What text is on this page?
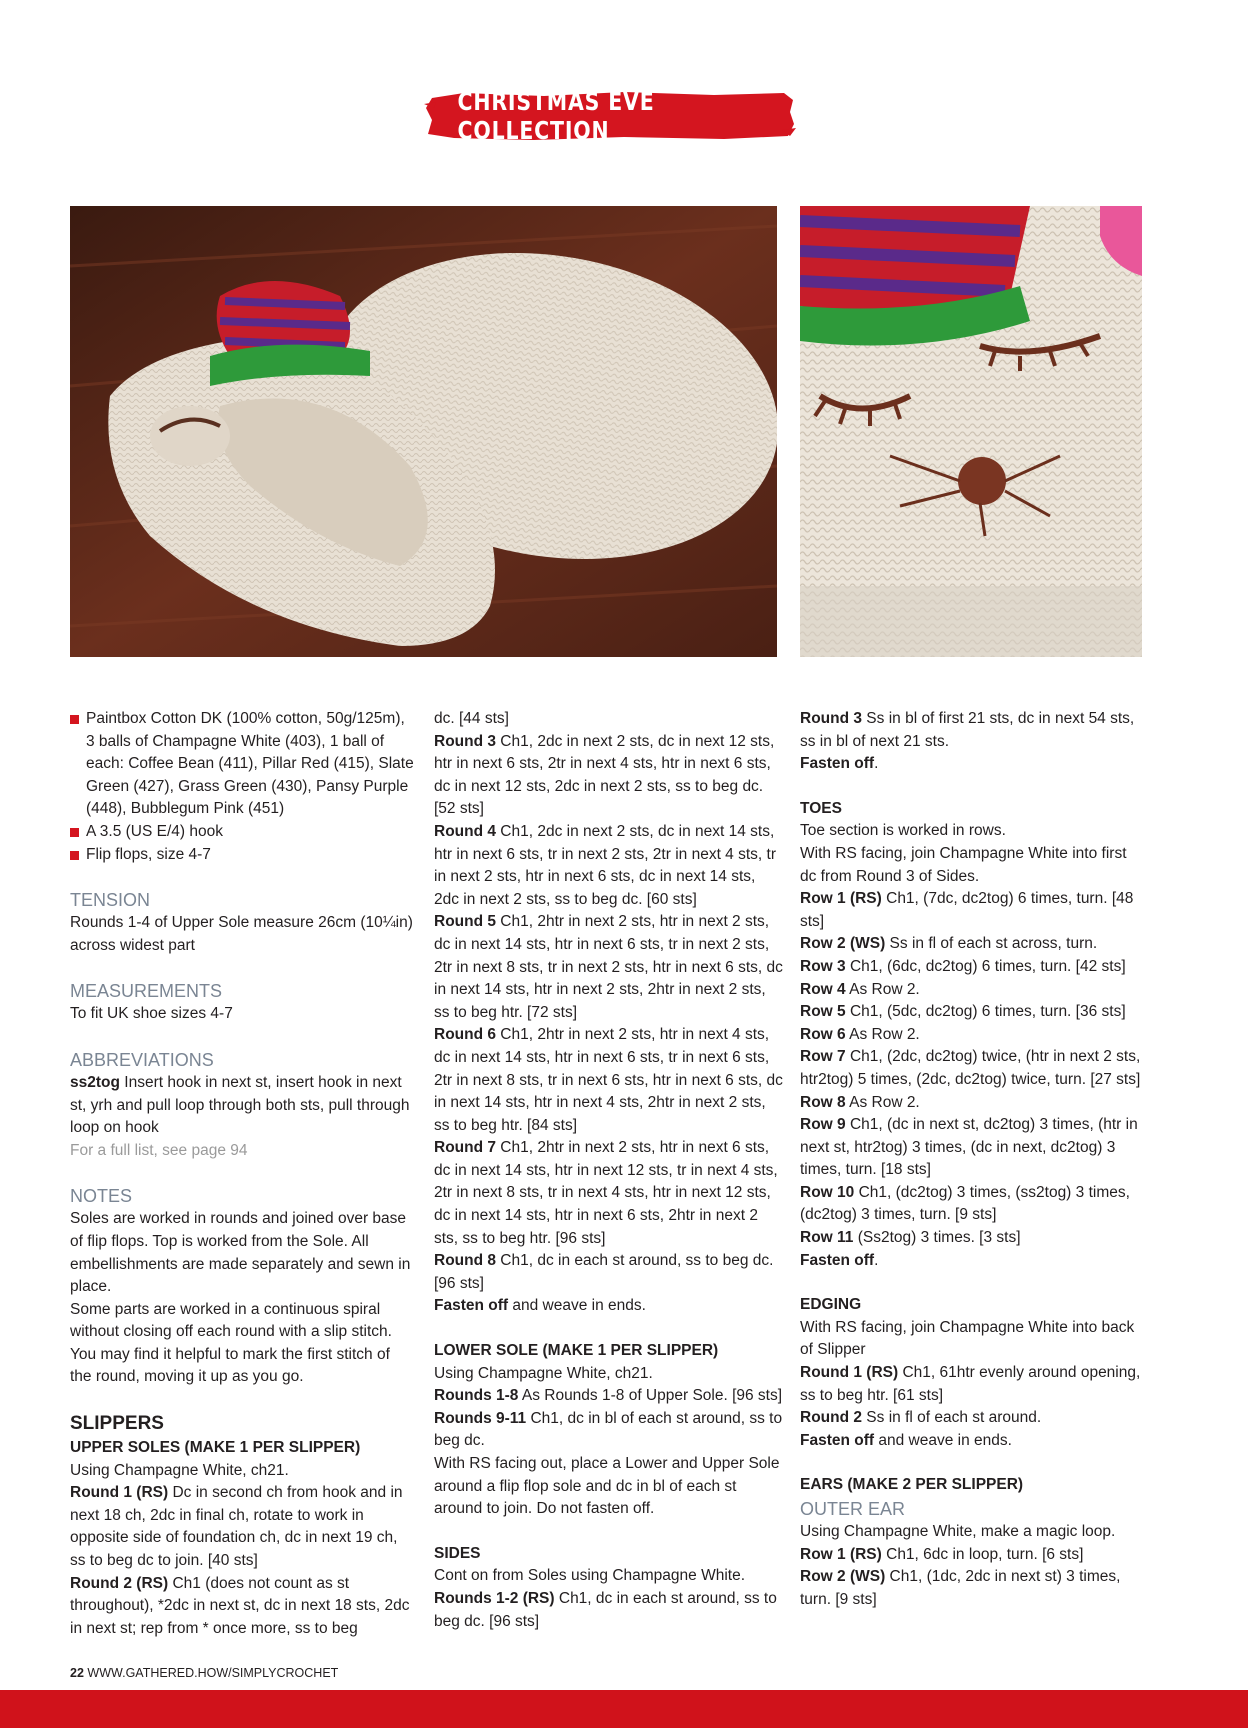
CHRISTMAS EVE COLLECTION
Paintbox Cotton DK (100% cotton, 50g/125m), 3 balls of Champagne White (403), 1 ball of each: Coffee Bean (411), Pillar Red (415), Slate Green (427), Grass Green (430), Pansy Purple (448), Bubblegum Pink (451)
A 3.5 (US E/4) hook
Flip flops, size 4-7

TENSION

Rounds 1-4 of Upper Sole measure 26cm (10¼in) across widest part

MEASUREMENTS

To fit UK shoe sizes 4-7

ABBREVIATIONS

ss2tog Insert hook in next st, insert hook in next st, yrh and pull loop through both sts, pull through loop on hook

For a full list, see page 94

NOTES

Soles are worked in rounds and joined over base of flip flops. Top is worked from the Sole. All embellishments are made separately and sewn in place.

Some parts are worked in a continuous spiral without closing off each round with a slip stitch. You may find it helpful to mark the first stitch of the round, moving it up as you go.

SLIPPERS

UPPER SOLES (MAKE 1 PER SLIPPER)

Using Champagne White, ch21.

Round 1 (RS) Dc in second ch from hook and in next 18 ch, 2dc in final ch, rotate to work in opposite side of foundation ch, dc in next 19 ch, ss to beg dc to join. [40 sts]

Round 2 (RS) Ch1 (does not count as st throughout), *2dc in next st, dc in next 18 sts, 2dc in next st; rep from * once more, ss to beg

dc. [44 sts]

Round 3 Ch1, 2dc in next 2 sts, dc in next 12 sts, htr in next 6 sts, 2tr in next 4 sts, htr in next 6 sts, dc in next 12 sts, 2dc in next 2 sts, ss to beg dc. [52 sts]

Round 4 Ch1, 2dc in next 2 sts, dc in next 14 sts, htr in next 6 sts, tr in next 2 sts, 2tr in next 4 sts, tr in next 2 sts, htr in next 6 sts, dc in next 14 sts, 2dc in next 2 sts, ss to beg dc. [60 sts]

Round 5 Ch1, 2htr in next 2 sts, htr in next 2 sts, dc in next 14 sts, htr in next 6 sts, tr in next 2 sts, 2tr in next 8 sts, tr in next 2 sts, htr in next 6 sts, dc in next 14 sts, htr in next 2 sts, 2htr in next 2 sts, ss to beg htr. [72 sts]

Round 6 Ch1, 2htr in next 2 sts, htr in next 4 sts, dc in next 14 sts, htr in next 6 sts, tr in next 6 sts, 2tr in next 8 sts, tr in next 6 sts, htr in next 6 sts, dc in next 14 sts, htr in next 4 sts, 2htr in next 2 sts, ss to beg htr. [84 sts]

Round 7 Ch1, 2htr in next 2 sts, htr in next 6 sts, dc in next 14 sts, htr in next 12 sts, tr in next 4 sts, 2tr in next 8 sts, tr in next 4 sts, htr in next 12 sts, dc in next 14 sts, htr in next 6 sts, 2htr in next 2 sts, ss to beg htr. [96 sts]

Round 8 Ch1, dc in each st around, ss to beg dc. [96 sts]

Fasten off and weave in ends.

LOWER SOLE (MAKE 1 PER SLIPPER)

Using Champagne White, ch21.

Rounds 1-8 As Rounds 1-8 of Upper Sole. [96 sts]

Rounds 9-11 Ch1, dc in bl of each st around, ss to beg dc.

With RS facing out, place a Lower and Upper Sole around a flip flop sole and dc in bl of each st around to join. Do not fasten off.

SIDES

Cont on from Soles using Champagne White.

Rounds 1-2 (RS) Ch1, dc in each st around, ss to beg dc. [96 sts]

Round 3 Ss in bl of first 21 sts, dc in next 54 sts, ss in bl of next 21 sts.

Fasten off.

TOES

Toe section is worked in rows.

With RS facing, join Champagne White into first dc from Round 3 of Sides.

Row 1 (RS) Ch1, (7dc, dc2tog) 6 times, turn. [48 sts]

Row 2 (WS) Ss in fl of each st across, turn.

Row 3 Ch1, (6dc, dc2tog) 6 times, turn. [42 sts]

Row 4 As Row 2.

Row 5 Ch1, (5dc, dc2tog) 6 times, turn. [36 sts]

Row 6 As Row 2.

Row 7 Ch1, (2dc, dc2tog) twice, (htr in next 2 sts, htr2tog) 5 times, (2dc, dc2tog) twice, turn. [27 sts]

Row 8 As Row 2.

Row 9 Ch1, (dc in next st, dc2tog) 3 times, (htr in next st, htr2tog) 3 times, (dc in next, dc2tog) 3 times, turn. [18 sts]

Row 10 Ch1, (dc2tog) 3 times, (ss2tog) 3 times, (dc2tog) 3 times, turn. [9 sts]

Row 11 (Ss2tog) 3 times. [3 sts]

Fasten off.

EDGING

With RS facing, join Champagne White into back of Slipper

Round 1 (RS) Ch1, 61htr evenly around opening, ss to beg htr. [61 sts]

Round 2 Ss in fl of each st around.

Fasten off and weave in ends.

EARS (MAKE 2 PER SLIPPER)

OUTER EAR

Using Champagne White, make a magic loop.

Row 1 (RS) Ch1, 6dc in loop, turn. [6 sts]

Row 2 (WS) Ch1, (1dc, 2dc in next st) 3 times, turn. [9 sts]

22 WWW.GATHERED.HOW/SIMPLYCROCHET
